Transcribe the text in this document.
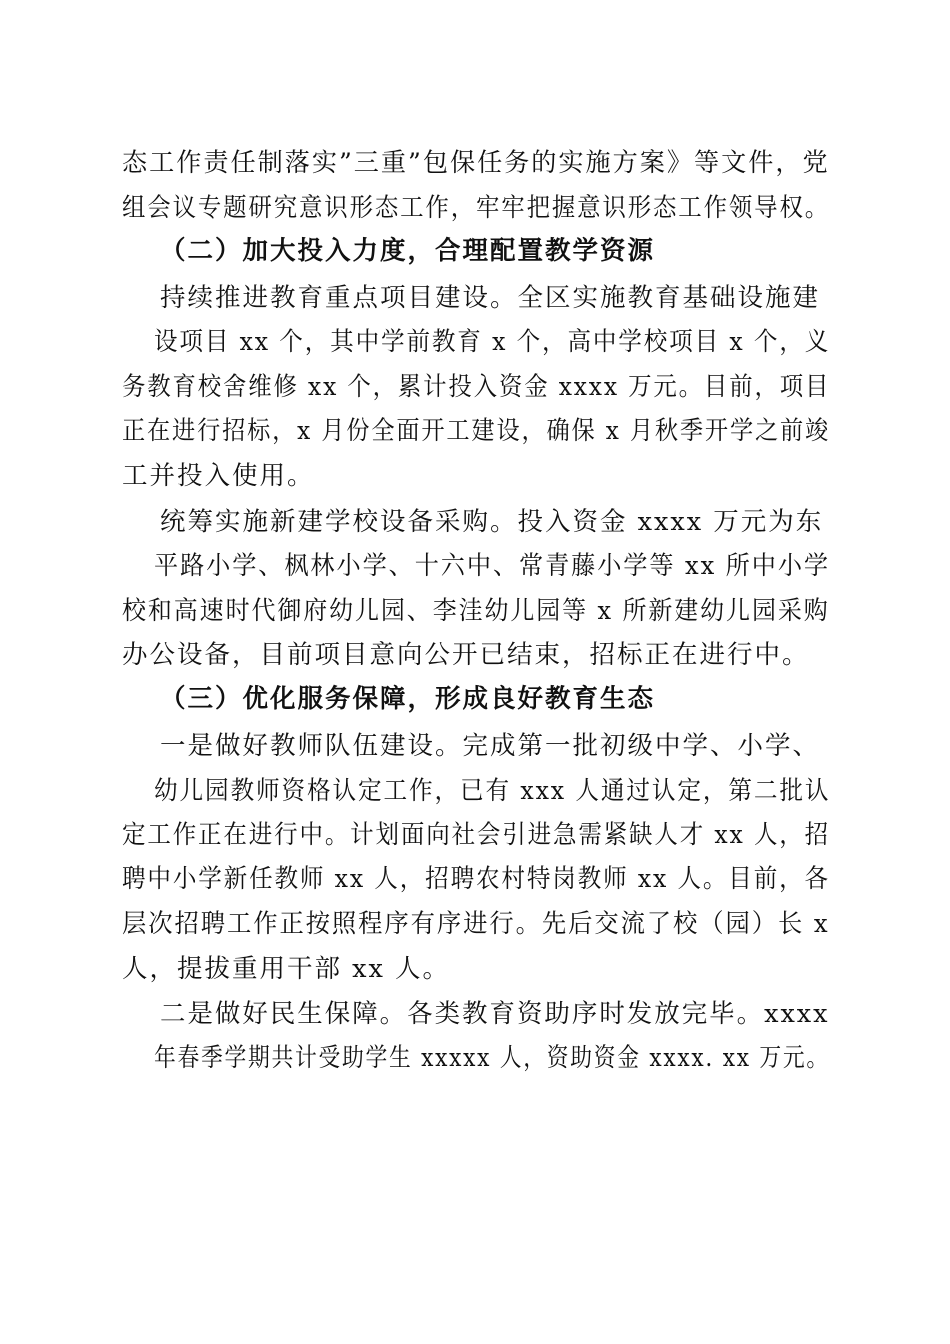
态工作责任制落实”三重”包保任务的实施方案》等文件，党
组会议专题研究意识形态工作，牢牢把握意识形态工作领导权。
（二）加大投入力度，合理配置教学资源
持续推进教育重点项目建设。全区实施教育基础设施建
设项目 xx 个，其中学前教育 x 个，高中学校项目 x 个，义
务教育校舍维修 xx 个，累计投入资金 xxxx 万元。目前，项目
正在进行招标，x 月份全面开工建设，确保 x 月秋季开学之前竣
工并投入使用。
统筹实施新建学校设备采购。投入资金 xxxx 万元为东
平路小学、枫林小学、十六中、常青藤小学等 xx 所中小学
校和高速时代御府幼儿园、李洼幼儿园等 x 所新建幼儿园采购
办公设备，目前项目意向公开已结束，招标正在进行中。
（三）优化服务保障，形成良好教育生态
一是做好教师队伍建设。完成第一批初级中学、小学、
幼儿园教师资格认定工作，已有 xxx 人通过认定，第二批认
定工作正在进行中。计划面向社会引进急需紧缺人才 xx 人，招
聘中小学新任教师 xx 人，招聘农村特岗教师 xx 人。目前，各
层次招聘工作正按照程序有序进行。先后交流了校（园）长 x
人，提拔重用干部 xx 人。
二是做好民生保障。各类教育资助序时发放完毕。xxxx
年春季学期共计受助学生 xxxxx 人，资助资金 xxxx. xx 万元。
